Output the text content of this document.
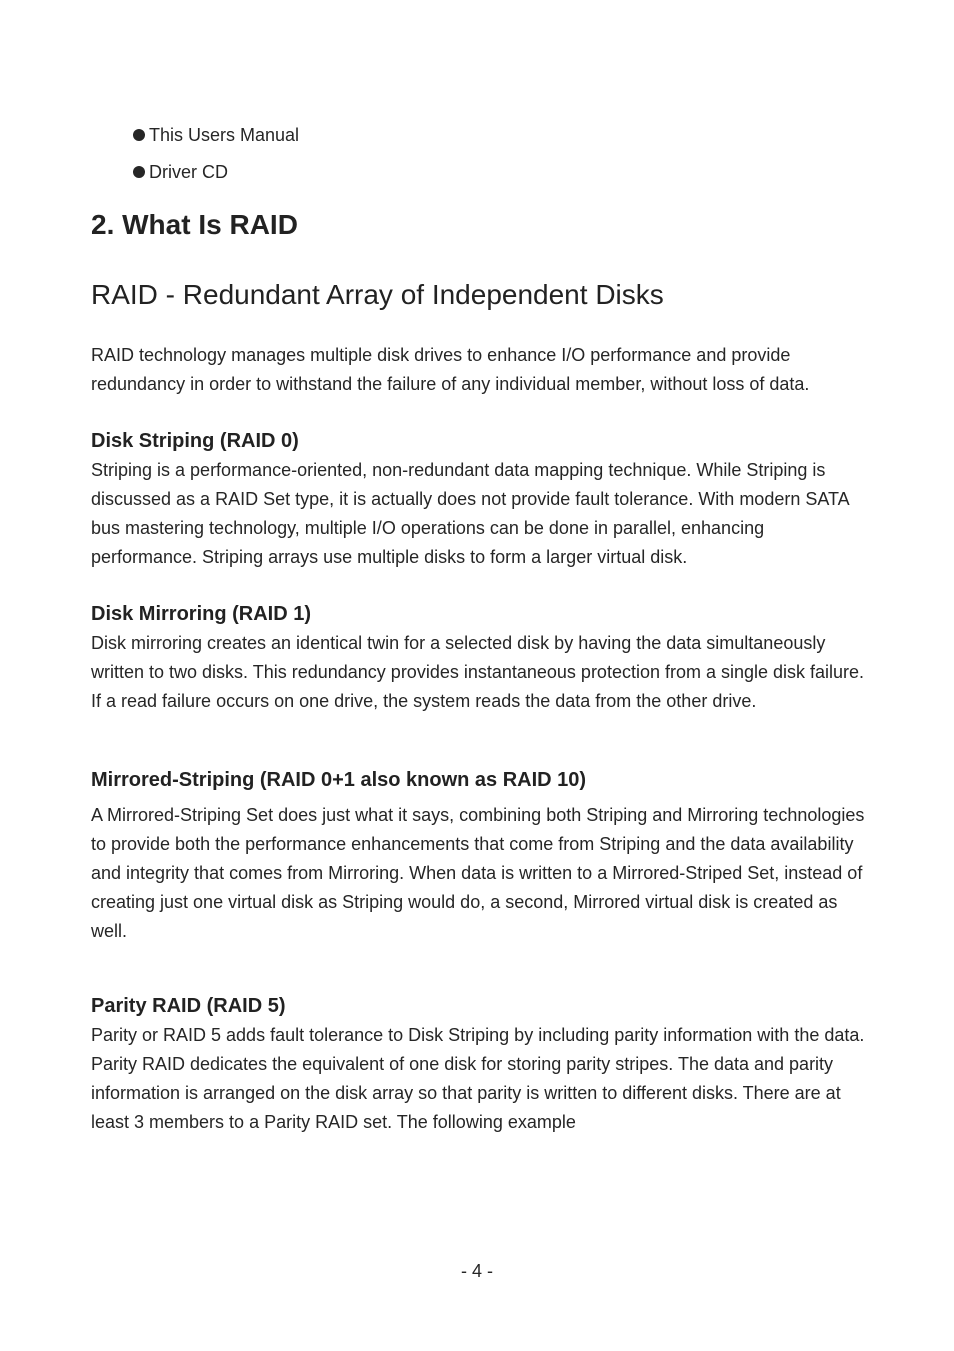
This Users Manual
Driver CD
2. What Is RAID
RAID - Redundant Array of Independent Disks

RAID technology manages multiple disk drives to enhance I/O performance and provide redundancy in order to withstand the failure of any individual member, without loss of data.

Disk Striping (RAID 0)

Striping is a performance-oriented, non-redundant data mapping technique. While Striping is discussed as a RAID Set type, it is actually does not provide fault tolerance. With modern SATA bus mastering technology, multiple I/O operations can be done in parallel, enhancing performance. Striping arrays use multiple disks to form a larger virtual disk.

Disk Mirroring (RAID 1)

Disk mirroring creates an identical twin for a selected disk by having the data simultaneously written to two disks. This redundancy provides instantaneous protection from a single disk failure. If a read failure occurs on one drive, the system reads the data from the other drive.

Mirrored-Striping (RAID 0+1 also known as RAID 10)

A Mirrored-Striping Set does just what it says, combining both Striping and Mirroring technologies to provide both the performance enhancements that come from Striping and the data availability and integrity that comes from Mirroring. When data is written to a Mirrored-Striped Set, instead of creating just one virtual disk as Striping would do, a second, Mirrored virtual disk is created as well.

Parity RAID (RAID 5)

Parity or RAID 5 adds fault tolerance to Disk Striping by including parity information with the data. Parity RAID dedicates the equivalent of one disk for storing parity stripes. The data and parity information is arranged on the disk array so that parity is written to different disks. There are at least 3 members to a Parity RAID set. The following example

- 4 -
